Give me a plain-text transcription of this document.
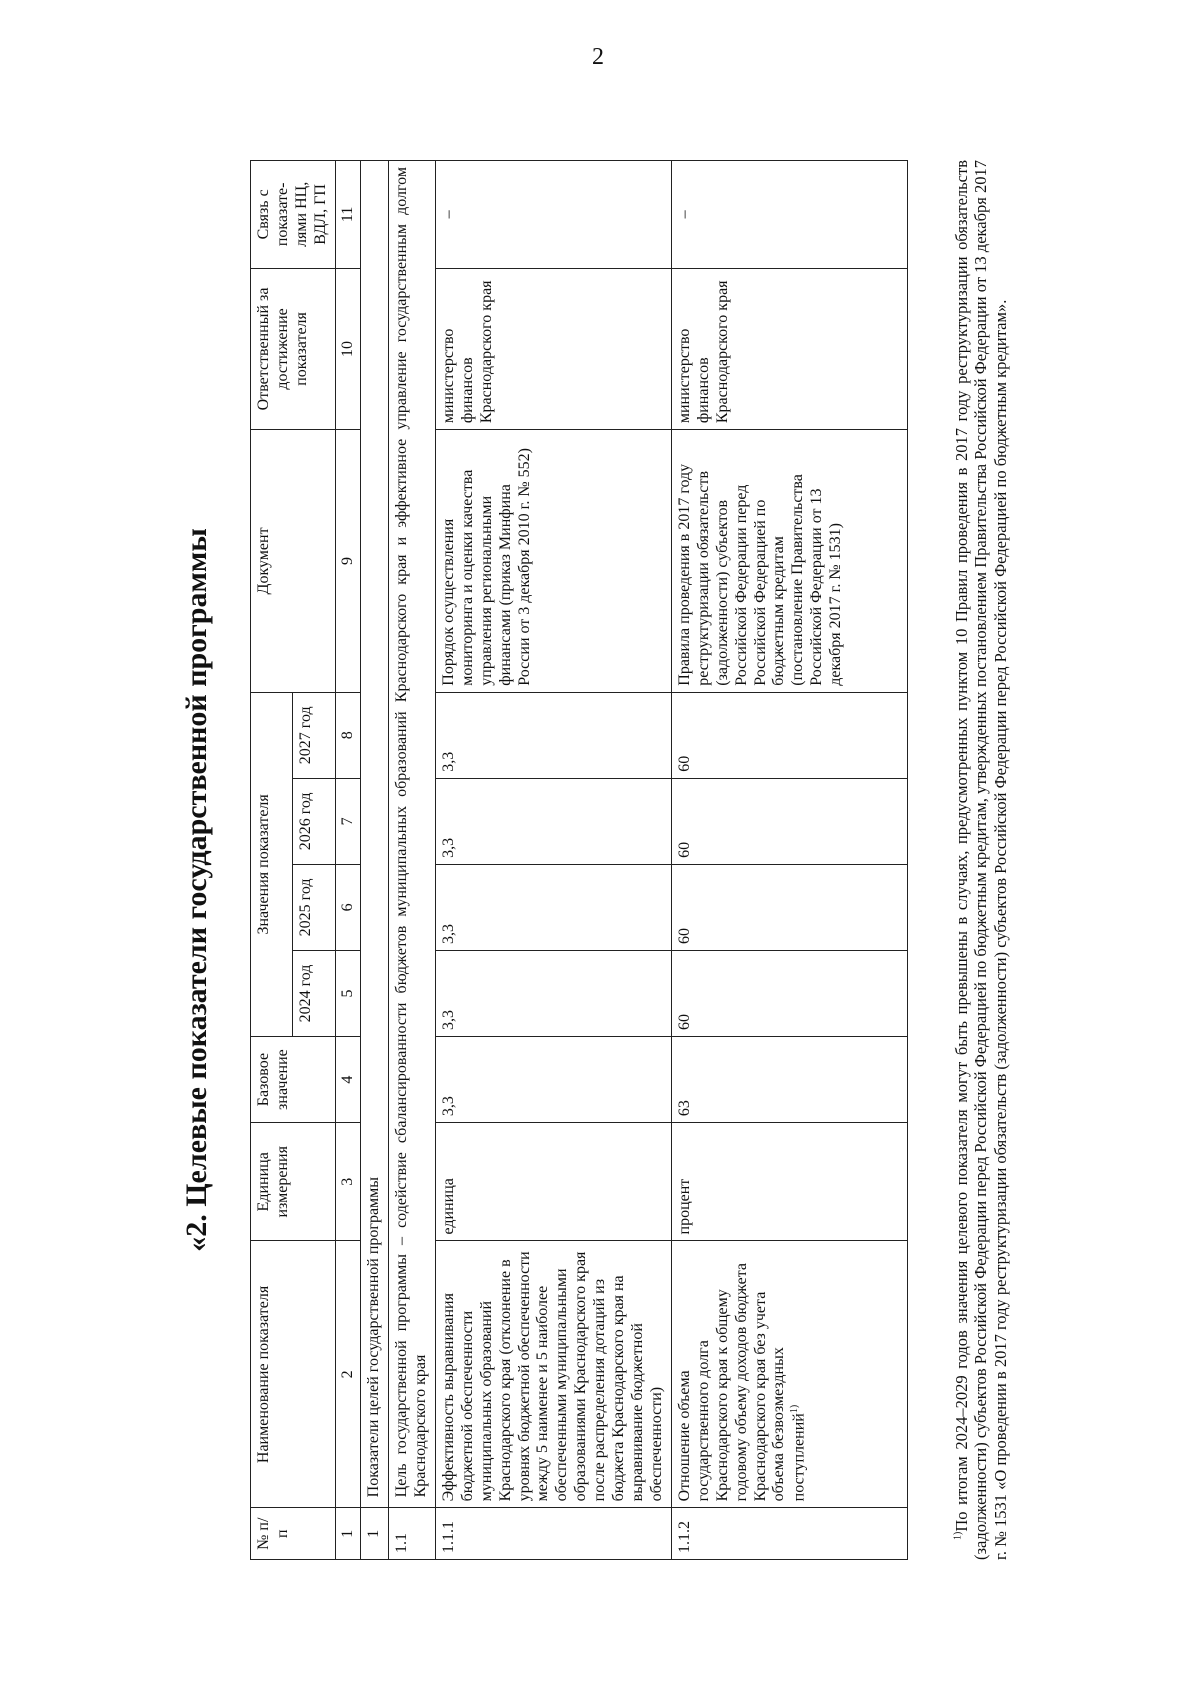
2
«2. Целевые показатели государственной программы
№ п/п	Наименование показателя	Единица измерения	Базовое значение	Значения показателя				Документ	Ответственный за достижение показателя	Связь с показате-лями НЦ, ВДЛ, ГП
				2024 год	2025 год	2026 год	2027 год			
1	2	3	4	5	6	7	8	9	10	11
1	Показатели целей государственной программы									
1.1	Цель государственной программы – содействие сбалансированности бюджетов муниципальных образований Краснодарского края и эффективное управление государственным долгом Краснодарского края									
1.1.1	Эффективность выравнивания бюджетной обеспеченности муниципальных образований Краснодарского края (отклонение в уровнях бюджетной обеспеченности между 5 наименее и 5 наиболее обеспеченными муниципальными образованиями Краснодарского края после распределения дотаций из бюджета Краснодарского края на выравнивание бюджетной обеспеченности)	единица	3,3	3,3	3,3	3,3	3,3	Порядок осуществления мониторинга и оценки качества управления региональными финансами (приказ Минфина России от 3 декабря 2010 г. № 552)	министерство финансов Краснодарского края	–
1.1.2	Отношение объема государственного долга Краснодарского края к общему годовому объему доходов бюджета Краснодарского края без учета объема безвозмездных поступлений$^{1)}$	процент	63	60	60	60	60	Правила проведения в 2017 году реструктуризации обязательств (задолженности) субъектов Российской Федерации перед Российской Федерацией по бюджетным кредитам (постановление Правительства Российской Федерации от 13 декабря 2017 г. № 1531)	министерство финансов Краснодарского края	–
$^{1)}$По итогам 2024–2029 годов значения целевого показателя могут быть превышены в случаях, предусмотренных пунктом 10 Правил проведения в 2017 году реструктуризации обязательств (задолженности) субъектов Российской Федерации перед Российской Федерацией по бюджетным кредитам, утвержденных постановлением Правительства Российской Федерации от 13 декабря 2017 г. № 1531 «О проведении в 2017 году реструктуризации обязательств (задолженности) субъектов Российской Федерации перед Российской Федерацией по бюджетным кредитам».
